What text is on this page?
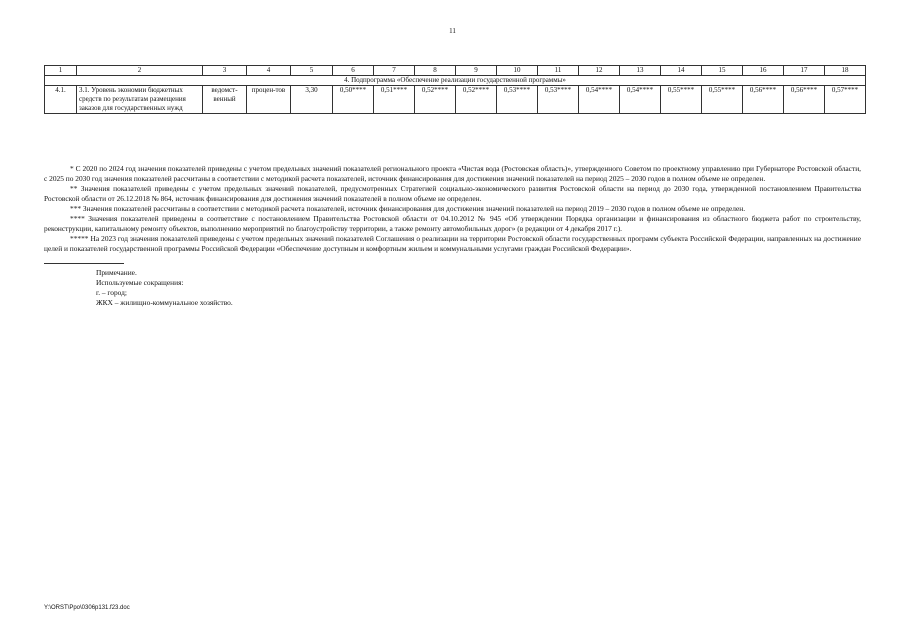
11
1	2	3	4	5	6	7	8	9	10	11	12	13	14	15	16	17	18
4. Подпрограмма «Обеспечение реализации государственной программы»																	
4.1.	3.1. Уровень экономии бюджетных средств по результатам размещения заказов для государственных нужд	ведомст-венный	процен-тов	3,30	0,50****	0,51****	0,52****	0,52****	0,53****	0,53****	0,54****	0,54****	0,55****	0,55****	0,56****	0,56****	0,57****

* С 2020 по 2024 год значения показателей приведены с учетом предельных значений показателей регионального проекта «Чистая вода (Ростовская область)», утвержденного Советом по проектному управлению при Губернаторе Ростовской области, с 2025 по 2030 год значения показателей рассчитаны в соответствии с методикой расчета показателей, источник финансирования для достижения значений показателей на период 2025 – 2030 годов в полном объеме не определен.

** Значения показателей приведены с учетом предельных значений показателей, предусмотренных Стратегией социально-экономического развития Ростовской области на период до 2030 года, утвержденной постановлением Правительства Ростовской области от 26.12.2018 № 864, источник финансирования для достижения значений показателей в полном объеме не определен.

*** Значения показателей рассчитаны в соответствии с методикой расчета показателей, источник финансирования для достижения значений показателей на период 2019 – 2030 годов в полном объеме не определен.

**** Значения показателей приведены в соответствие с постановлением Правительства Ростовской области от 04.10.2012 № 945 «Об утверждении Порядка организации и финансирования из областного бюджета работ по строительству, реконструкции, капитальному ремонту объектов, выполнению мероприятий по благоустройству территории, а также ремонту автомобильных дорог» (в редакции от 4 декабря 2017 г.).

***** На 2023 год значения показателей приведены с учетом предельных значений показателей Соглашения о реализации на территории Ростовской области государственных программ субъекта Российской Федерации, направленных на достижение целей и показателей государственной программы Российской Федерации «Обеспечение доступным и комфортным жильем и коммунальными услугами граждан Российской Федерации».

Примечание.

Используемые сокращения:

г. – город;

ЖКХ – жилищно-коммунальное хозяйство.

Y:\ORST\Ppo\0306p131.f23.doc
